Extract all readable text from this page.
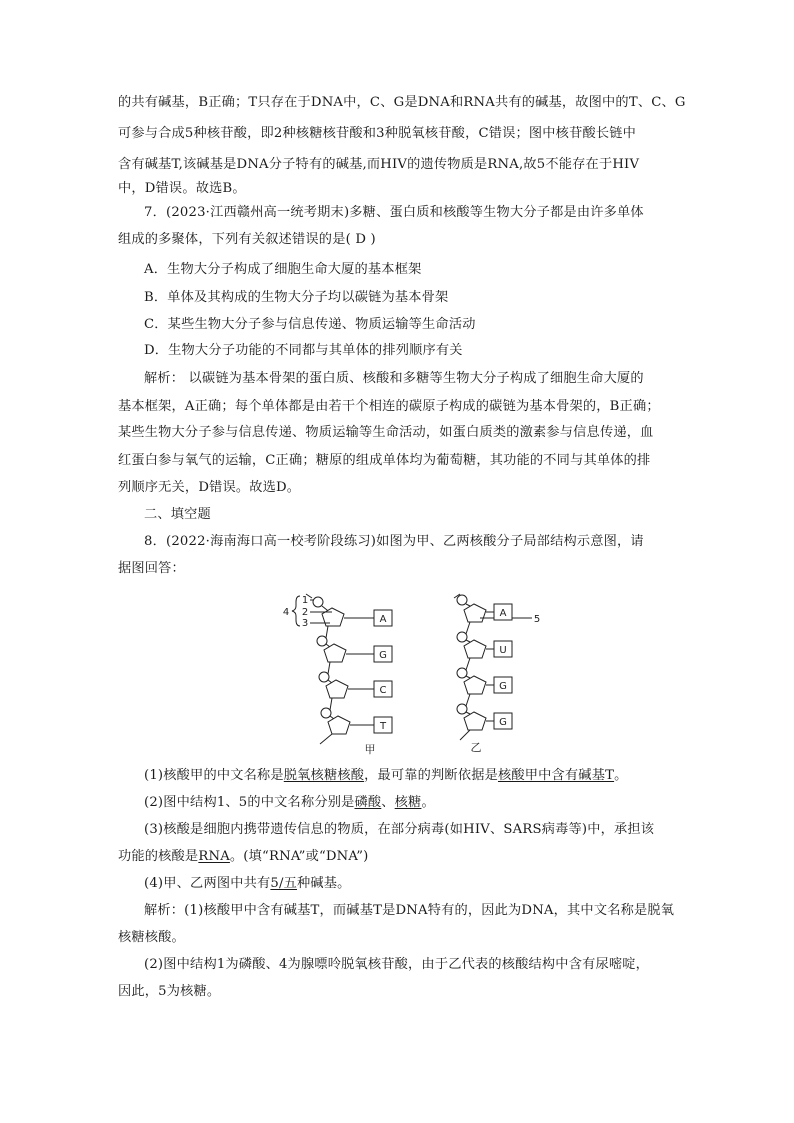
的共有碱基，B正确；T只存在于DNA中，C、G是DNA和RNA共有的碱基，故图中的T、C、G
可参与合成5种核苷酸，即2种核糖核苷酸和3种脱氧核苷酸，C错误；图中核苷酸长链中
含有碱基T,该碱基是DNA分子特有的碱基,而HIV的遗传物质是RNA,故5不能存在于HIV
中，D错误。故选B。
7．(2023·江西赣州高一统考期末)多糖、蛋白质和核酸等生物大分子都是由许多单体
组成的多聚体，下列有关叙述错误的是( D )
A．生物大分子构成了细胞生命大厦的基本框架
B．单体及其构成的生物大分子均以碳链为基本骨架
C．某些生物大分子参与信息传递、物质运输等生命活动
D．生物大分子功能的不同都与其单体的排列顺序有关
解析： 以碳链为基本骨架的蛋白质、核酸和多糖等生物大分子构成了细胞生命大厦的
基本框架，A正确；每个单体都是由若干个相连的碳原子构成的碳链为基本骨架的，B正确；
某些生物大分子参与信息传递、物质运输等生命活动，如蛋白质类的激素参与信息传递，血
红蛋白参与氧气的运输，C正确；糖原的组成单体均为葡萄糖，其功能的不同与其单体的排
列顺序无关，D错误。故选D。
二、填空题
8．(2022·海南海口高一校考阶段练习)如图为甲、乙两核酸分子局部结构示意图，请
据图回答：
A
G
C
T
A
U
G
G
4
1
2
3	5
甲	乙
(1)核酸甲的中文名称是脱氧核糖核酸，最可靠的判断依据是核酸甲中含有碱基T。
(2)图中结构1、5的中文名称分别是磷酸、核糖。
(3)核酸是细胞内携带遗传信息的物质，在部分病毒(如HIV、SARS病毒等)中，承担该
功能的核酸是RNA。(填“RNA”或“DNA”)
(4)甲、乙两图中共有5/五种碱基。
解析：(1)核酸甲中含有碱基T，而碱基T是DNA特有的，因此为DNA，其中文名称是脱氧
核糖核酸。
(2)图中结构1为磷酸、4为腺嘌呤脱氧核苷酸，由于乙代表的核酸结构中含有尿嘧啶，
因此，5为核糖。
